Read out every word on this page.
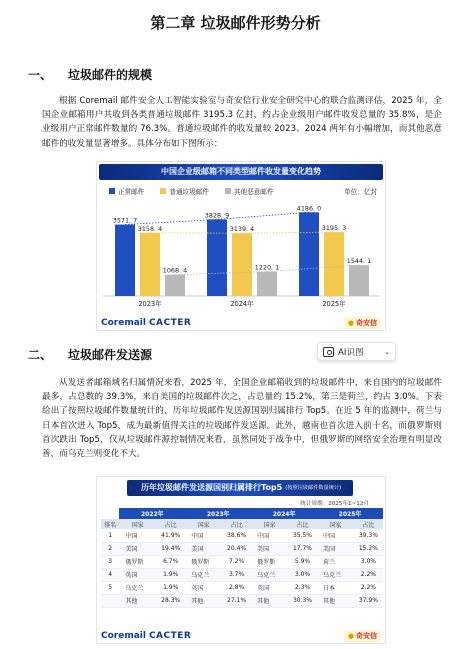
第二章 垃圾邮件形势分析
一、	垃圾邮件的规模
根据 Coremail 邮件安全人工智能实验室与奇安信行业安全研究中心的联合监测评估，2025 年，全国企业邮箱用户共收到各类普通垃圾邮件 3195.3 亿封，约占企业级用户邮件收发总量的 35.8%，是企业级用户正常邮件数量的 76.3%。普通垃圾邮件的收发量较 2023、2024 两年有小幅增加，而其他恶意邮件的收发量显著增多。具体分布如下图所示：
中国企业级邮箱不同类型邮件收发量变化趋势
正常邮件	普通垃圾邮件	其他恶意邮件	单位：亿封
3571. 7
3158. 4
1068. 4
2023年
3828. 9
3139. 4
1220. 1
2024年
4186. 0
3195. 3
1544. 1
2025年
Coremail CACTER	● 奇安信
二、	垃圾邮件发送源	AI识图	⌄
从发送者邮箱域名归属情况来看，2025 年，全国企业邮箱收到的垃圾邮件中，来自国内的垃圾邮件最多，占总数的 39.3%，来自美国的垃圾邮件次之，占总量约 15.2%，第三是荷兰，约占 3.0%。下表给出了按照垃圾邮件数量统计的，历年垃圾邮件发送源国别归属排行 Top5。在近 5 年的监测中，荷兰与日本首次进入 Top5，成为最新值得关注的垃圾邮件发送源。此外，越南也首次进入前十名，而俄罗斯则首次跌出 Top5，仅从垃圾邮件源控制情况来看，虽然同处于战争中，但俄罗斯的网络安全治理有明显改善，而乌克兰则变化不大。
历年垃圾邮件发送源国别归属排行Top5 (按照垃圾邮件数量统计)
统计周期：2025年1~12月
	2022年		2023年		2024年		2025年	
排名	国家	占比	国家	占比	国家	占比	国家	占比
1	中国	41.9%	中国	38.6%	中国	35.5%	中国	39.3%
2	美国	19.4%	美国	20.4%	美国	17.7%	美国	15.2%
3	俄罗斯	6.7%	俄罗斯	7.2%	俄罗斯	5.9%	荷兰	3.0%
4	英国	1.9%	乌克兰	3.7%	乌克兰	3.0%	乌克兰	2.2%
5	乌克兰	1.9%	英国	2.8%	英国	2.3%	日本	2.2%
	其他	28.3%	其他	27.1%	其他	30.3%	其他	37.9%
Coremail CACTER	● 奇安信
